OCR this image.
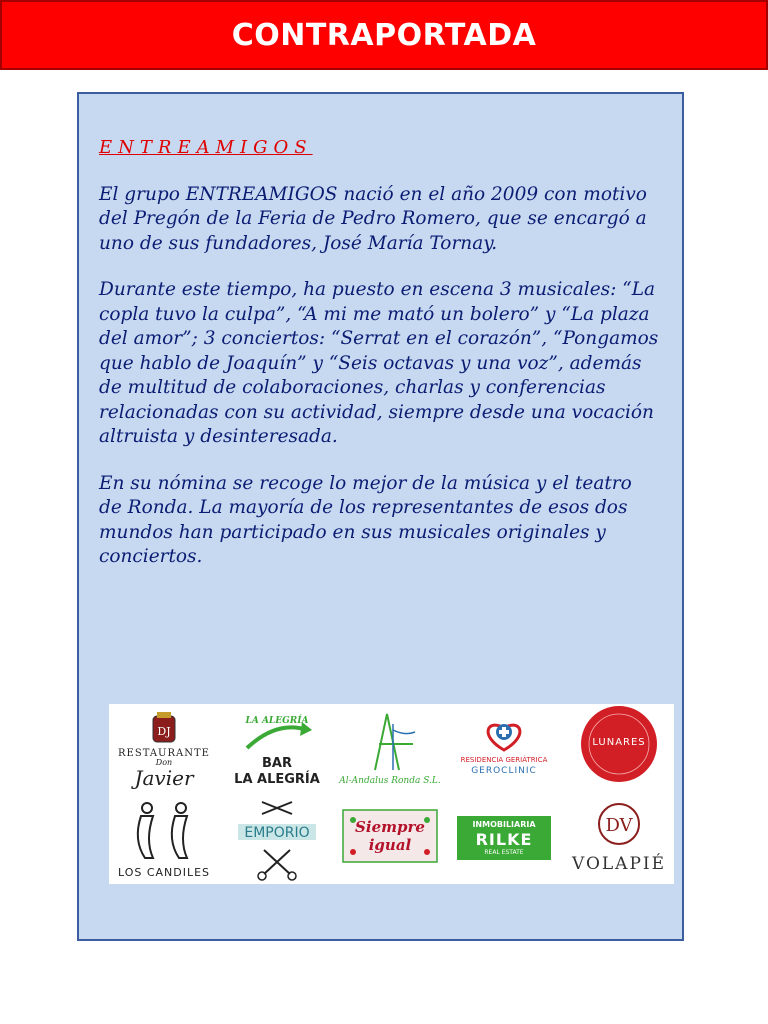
CONTRAPORTADA
ENTREAMIGOS

El grupo ENTREAMIGOS nació en el año 2009 con motivo del Pregón de la Feria de Pedro Romero, que se encargó a uno de sus fundadores, José María Tornay.

Durante este tiempo, ha puesto en escena 3 musicales: “La copla tuvo la culpa”, “A mi me mató un bolero” y “La plaza del amor”; 3 conciertos: “Serrat en el corazón”, “Pongamos que hablo de Joaquín” y “Seis octavas y una voz”, además de multitud de colaboraciones, charlas y conferencias relacionadas con su actividad, siempre desde una vocación altruista y desinteresada.

En su nómina se recoge lo mejor de la música y el teatro de Ronda. La mayoría de los representantes de esos dos mundos han participado en sus musicales originales y conciertos.

DJ
RESTAURANTE
Don
Javier
LA ALEGRÍA
BAR
LA ALEGRÍA	Al-Andalus Ronda S.L.
RESIDENCIA GERIÁTRICA
GEROCLINIC
LUNARES
LOS CANDILES
EMPORIO	Siempre
igual
INMOBILIARIA
RILKE
REAL ESTATE
DV
VOLAPIÉ
